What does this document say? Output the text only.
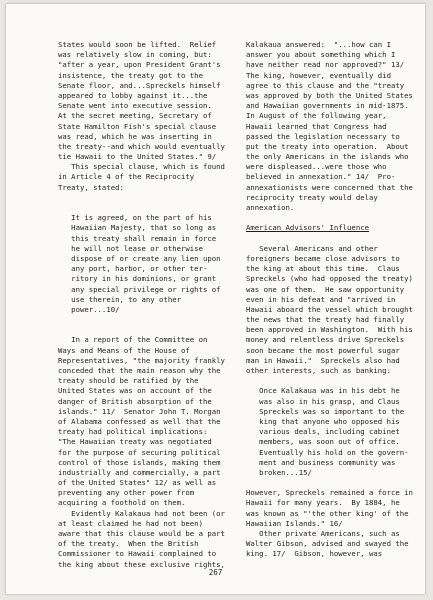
States would soon be lifted.  Relief
was relatively slow in coming, but:
"after a year, upon President Grant's
insistence, the treaty got to the
Senate floor, and...Spreckels himself
appeared to lobby against it...the
Senate went into executive session.
At the secret meeting, Secretary of
State Hamilton Fish's special clause
was read, which he was inserting in
the treaty--and which would eventually
tie Hawaii to the United States." 9/
This special clause, which is found
in Article 4 of the Reciprocity
Treaty, stated:
It is agreed, on the part of his
Hawaiian Majesty, that so long as
this treaty shall remain in force
he will not lease or otherwise
dispose of or create any lien upon
any port, harbor, or other ter-
ritory in his dominions, or grant
any special privilege or rights of
use therein, to any other
power...10/
In a report of the Committee on
Ways and Means of the House of
Representatives, "the majority frankly
conceded that the main reason why the
treaty should be ratified by the
United States was on account of the
danger of British absorption of the
islands." 11/  Senator John T. Morgan
of Alabama confessed as well that the
treaty had political implications:
"The Hawaiian treaty was negotiated
for the purpose of securing political
control of those islands, making them
industrially and commercially, a part
of the United States" 12/ as well as
preventing any other power from
acquiring a foothold on them.
Evidently Kalakaua had not been (or
at least claimed he had not been)
aware that this clause would be a part
of the treaty.  When the British
Commissioner to Hawaii complained to
the king about these exclusive rights,
Kalakaua answered:  "...how can I
answer you about something which I
have neither read nor approved?" 13/
The king, however, eventually did
agree to this clause and the "treaty
was approved by both the United States
and Hawaiian governments in mid-1875.
In August of the following year,
Hawaii learned that Congress had
passed the legislation necessary to
put the treaty into operation.  About
the only Americans in the islands who
were displeased...were those who
believed in annexation." 14/  Pro-
annexationists were concerned that the
reciprocity treaty would delay
annexation.
American Advisors' Influence
Several Americans and other
foreigners became close advisors to
the king at about this time.  Claus
Spreckels (who had opposed the treaty)
was one of them.  He saw opportunity
even in his defeat and "arrived in
Hawaii aboard the vessel which brought
the news that the treaty had finally
been approved in Washington.  With his
money and relentless drive Spreckels
soon became the most powerful sugar
man in Hawaii."  Spreckels also had
other interests, such as banking:
Once Kalakaua was in his debt he
was also in his grasp, and Claus
Spreckels was so important to the
king that anyone who opposed his
various deals, including cabinet
members, was soon out of office.
Eventually his hold on the govern-
ment and business community was
broken...15/
However, Spreckels remained a force in
Hawaii for many years.  By 1884, he
was known as "'the other king' of the
Hawaiian Islands." 16/
Other private Americans, such as
Walter Gibson, advised and swayed the
king. 17/  Gibson, however, was
267
